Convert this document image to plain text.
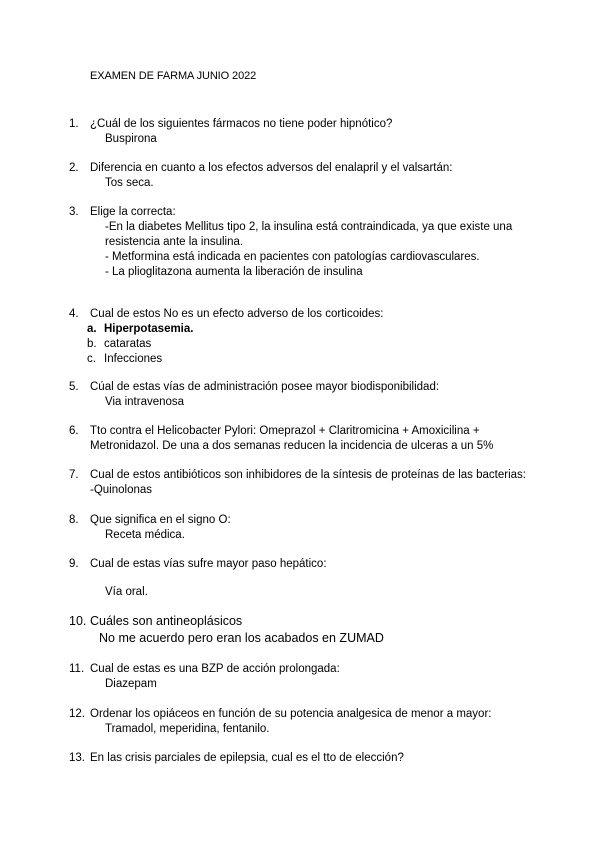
EXAMEN DE FARMA JUNIO 2022
1. ¿Cuál de los siguientes fármacos no tiene poder hipnótico?
Buspirona
2. Diferencia en cuanto a los efectos adversos del enalapril y el valsartán:
Tos seca.
3. Elige la correcta:
-En la diabetes Mellitus tipo 2, la insulina está contraindicada, ya que existe una resistencia ante la insulina.
- Metformina está indicada en pacientes con patologías cardiovasculares.
- La plioglitazona aumenta la liberación de insulina
4. Cual de estos No es un efecto adverso de los corticoides:
a. Hiperpotasemia.
b. cataratas
c. Infecciones
5. Cúal de estas vías de administración posee mayor biodisponibilidad:
Via intravenosa
6. Tto contra el Helicobacter Pylori: Omeprazol + Claritromicina + Amoxicilina + Metronidazol. De una a dos semanas reducen la incidencia de ulceras a un 5%
7. Cual de estos antibióticos son inhibidores de la síntesis de proteínas de las bacterias:
-Quinolonas
8. Que significa en el signo O:
Receta médica.
9. Cual de estas vías sufre mayor paso hepático:
Vía oral.
10. Cuáles son antineoplásicos
No me acuerdo pero eran los acabados en ZUMAD
11. Cual de estas es una BZP de acción prolongada:
Diazepam
12. Ordenar los opiáceos en función de su potencia analgesica de menor a mayor:
Tramadol, meperidina, fentanilo.
13. En las crisis parciales de epilepsia, cual es el tto de elección?
